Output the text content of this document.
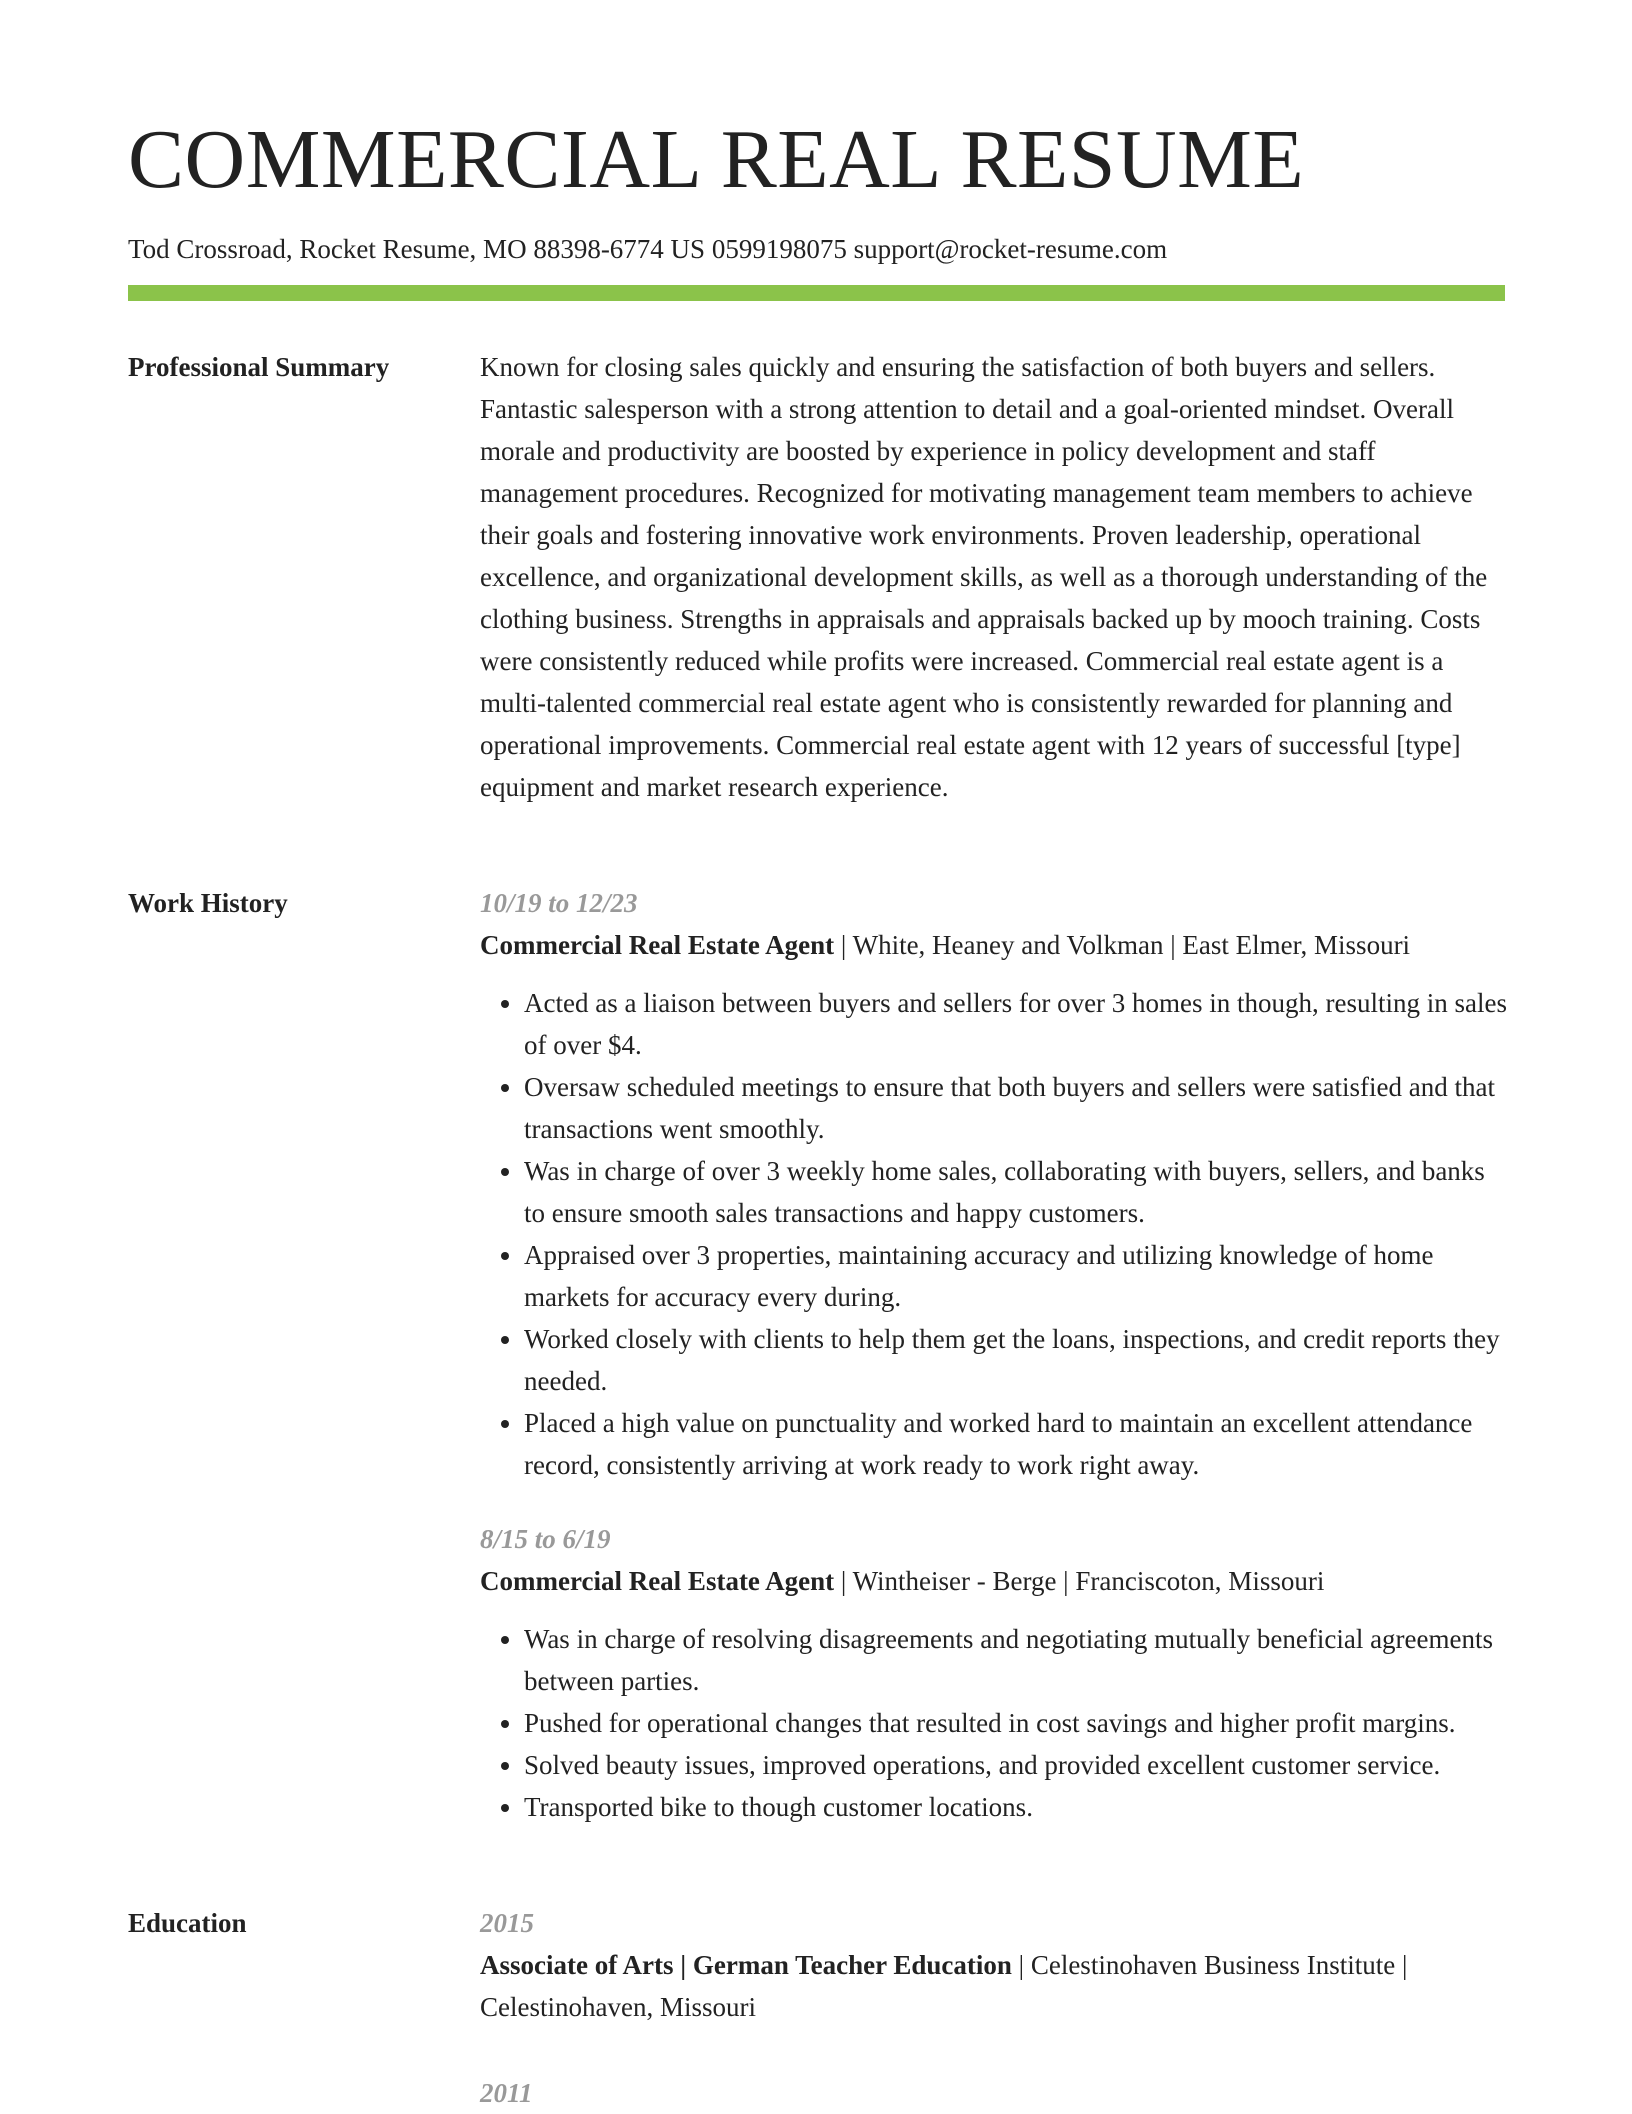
COMMERCIAL REAL RESUME
Tod Crossroad, Rocket Resume, MO 88398-6774 US 0599198075 support@rocket-resume.com
Professional Summary	Known for closing sales quickly and ensuring the satisfaction of both buyers and sellers. Fantastic salesperson with a strong attention to detail and a goal-oriented mindset. Overall morale and productivity are boosted by experience in policy development and staff management procedures. Recognized for motivating management team members to achieve their goals and fostering innovative work environments. Proven leadership, operational excellence, and organizational development skills, as well as a thorough understanding of the clothing business. Strengths in appraisals and appraisals backed up by mooch training. Costs were consistently reduced while profits were increased. Commercial real estate agent is a multi-talented commercial real estate agent who is consistently rewarded for planning and operational improvements. Commercial real estate agent with 12 years of successful [type] equipment and market research experience.

Work History	10/19 to 12/23
Commercial Real Estate Agent | White, Heaney and Volkman | East Elmer, Missouri
• Acted as a liaison between buyers and sellers for over 3 homes in though, resulting in sales of over $4.
• Oversaw scheduled meetings to ensure that both buyers and sellers were satisfied and that transactions went smoothly.
• Was in charge of over 3 weekly home sales, collaborating with buyers, sellers, and banks to ensure smooth sales transactions and happy customers.
• Appraised over 3 properties, maintaining accuracy and utilizing knowledge of home markets for accuracy every during.
• Worked closely with clients to help them get the loans, inspections, and credit reports they needed.
• Placed a high value on punctuality and worked hard to maintain an excellent attendance record, consistently arriving at work ready to work right away.
8/15 to 6/19
Commercial Real Estate Agent | Wintheiser - Berge | Franciscoton, Missouri
• Was in charge of resolving disagreements and negotiating mutually beneficial agreements between parties.
• Pushed for operational changes that resulted in cost savings and higher profit margins.
• Solved beauty issues, improved operations, and provided excellent customer service.
• Transported bike to though customer locations.
Education	2015
Associate of Arts | German Teacher Education | Celestinohaven Business Institute | Celestinohaven, Missouri
2011
